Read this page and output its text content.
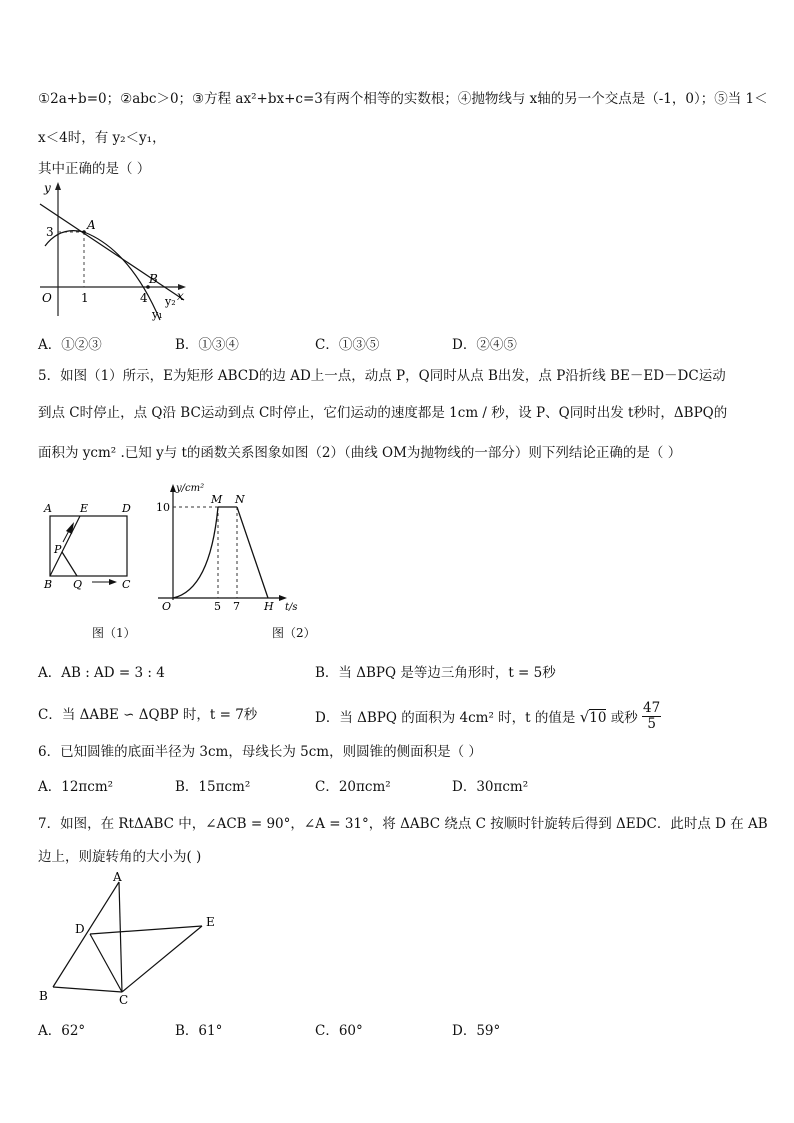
①2a+b=0；②abc＞0；③方程 ax²+bx+c=3有两个相等的实数根；④抛物线与 x轴的另一个交点是（-1，0）；⑤当 1＜
x＜4时，有 y₂＜y₁，
其中正确的是（ ）
y
x
O
3
1	4
A
B
y₂
y₁
A．①②③	B．①③④	C．①③⑤	D．②④⑤
5．如图（1）所示，E为矩形 ABCD的边 AD上一点，动点 P，Q同时从点 B出发，点 P沿折线 BE－ED－DC运动
到点 C时停止，点 Q沿 BC运动到点 C时停止，它们运动的速度都是 1cm / 秒，设 P、Q同时出发 t秒时，ΔBPQ的
面积为 ycm² .已知 y与 t的函数关系图象如图（2）（曲线 OM为抛物线的一部分）则下列结论正确的是（ ）
A	E	D
P
B Q	C
图（1）
y/cm²
10
M N
O	5 7 H t/s
图（2）
A．AB : AD = 3 : 4	B．当 ΔBPQ 是等边三角形时，t = 5秒
C．当 ΔABE ∽ ΔQBP 时，t = 7秒	D．当 ΔBPQ 的面积为 4cm² 时，t 的值是 √10 或秒 $\frac{47}{5}$
6．已知圆锥的底面半径为 3cm，母线长为 5cm，则圆锥的侧面积是（ ）
A．12πcm²	B．15πcm²	C．20πcm²	D．30πcm²
7．如图，在 RtΔABC 中，∠ACB = 90°，∠A = 31°，将 ΔABC 绕点 C 按顺时针旋转后得到 ΔEDC．此时点 D 在 AB
边上，则旋转角的大小为( )
A
B	C
D	E
A．62°	B．61°	C．60°	D．59°
